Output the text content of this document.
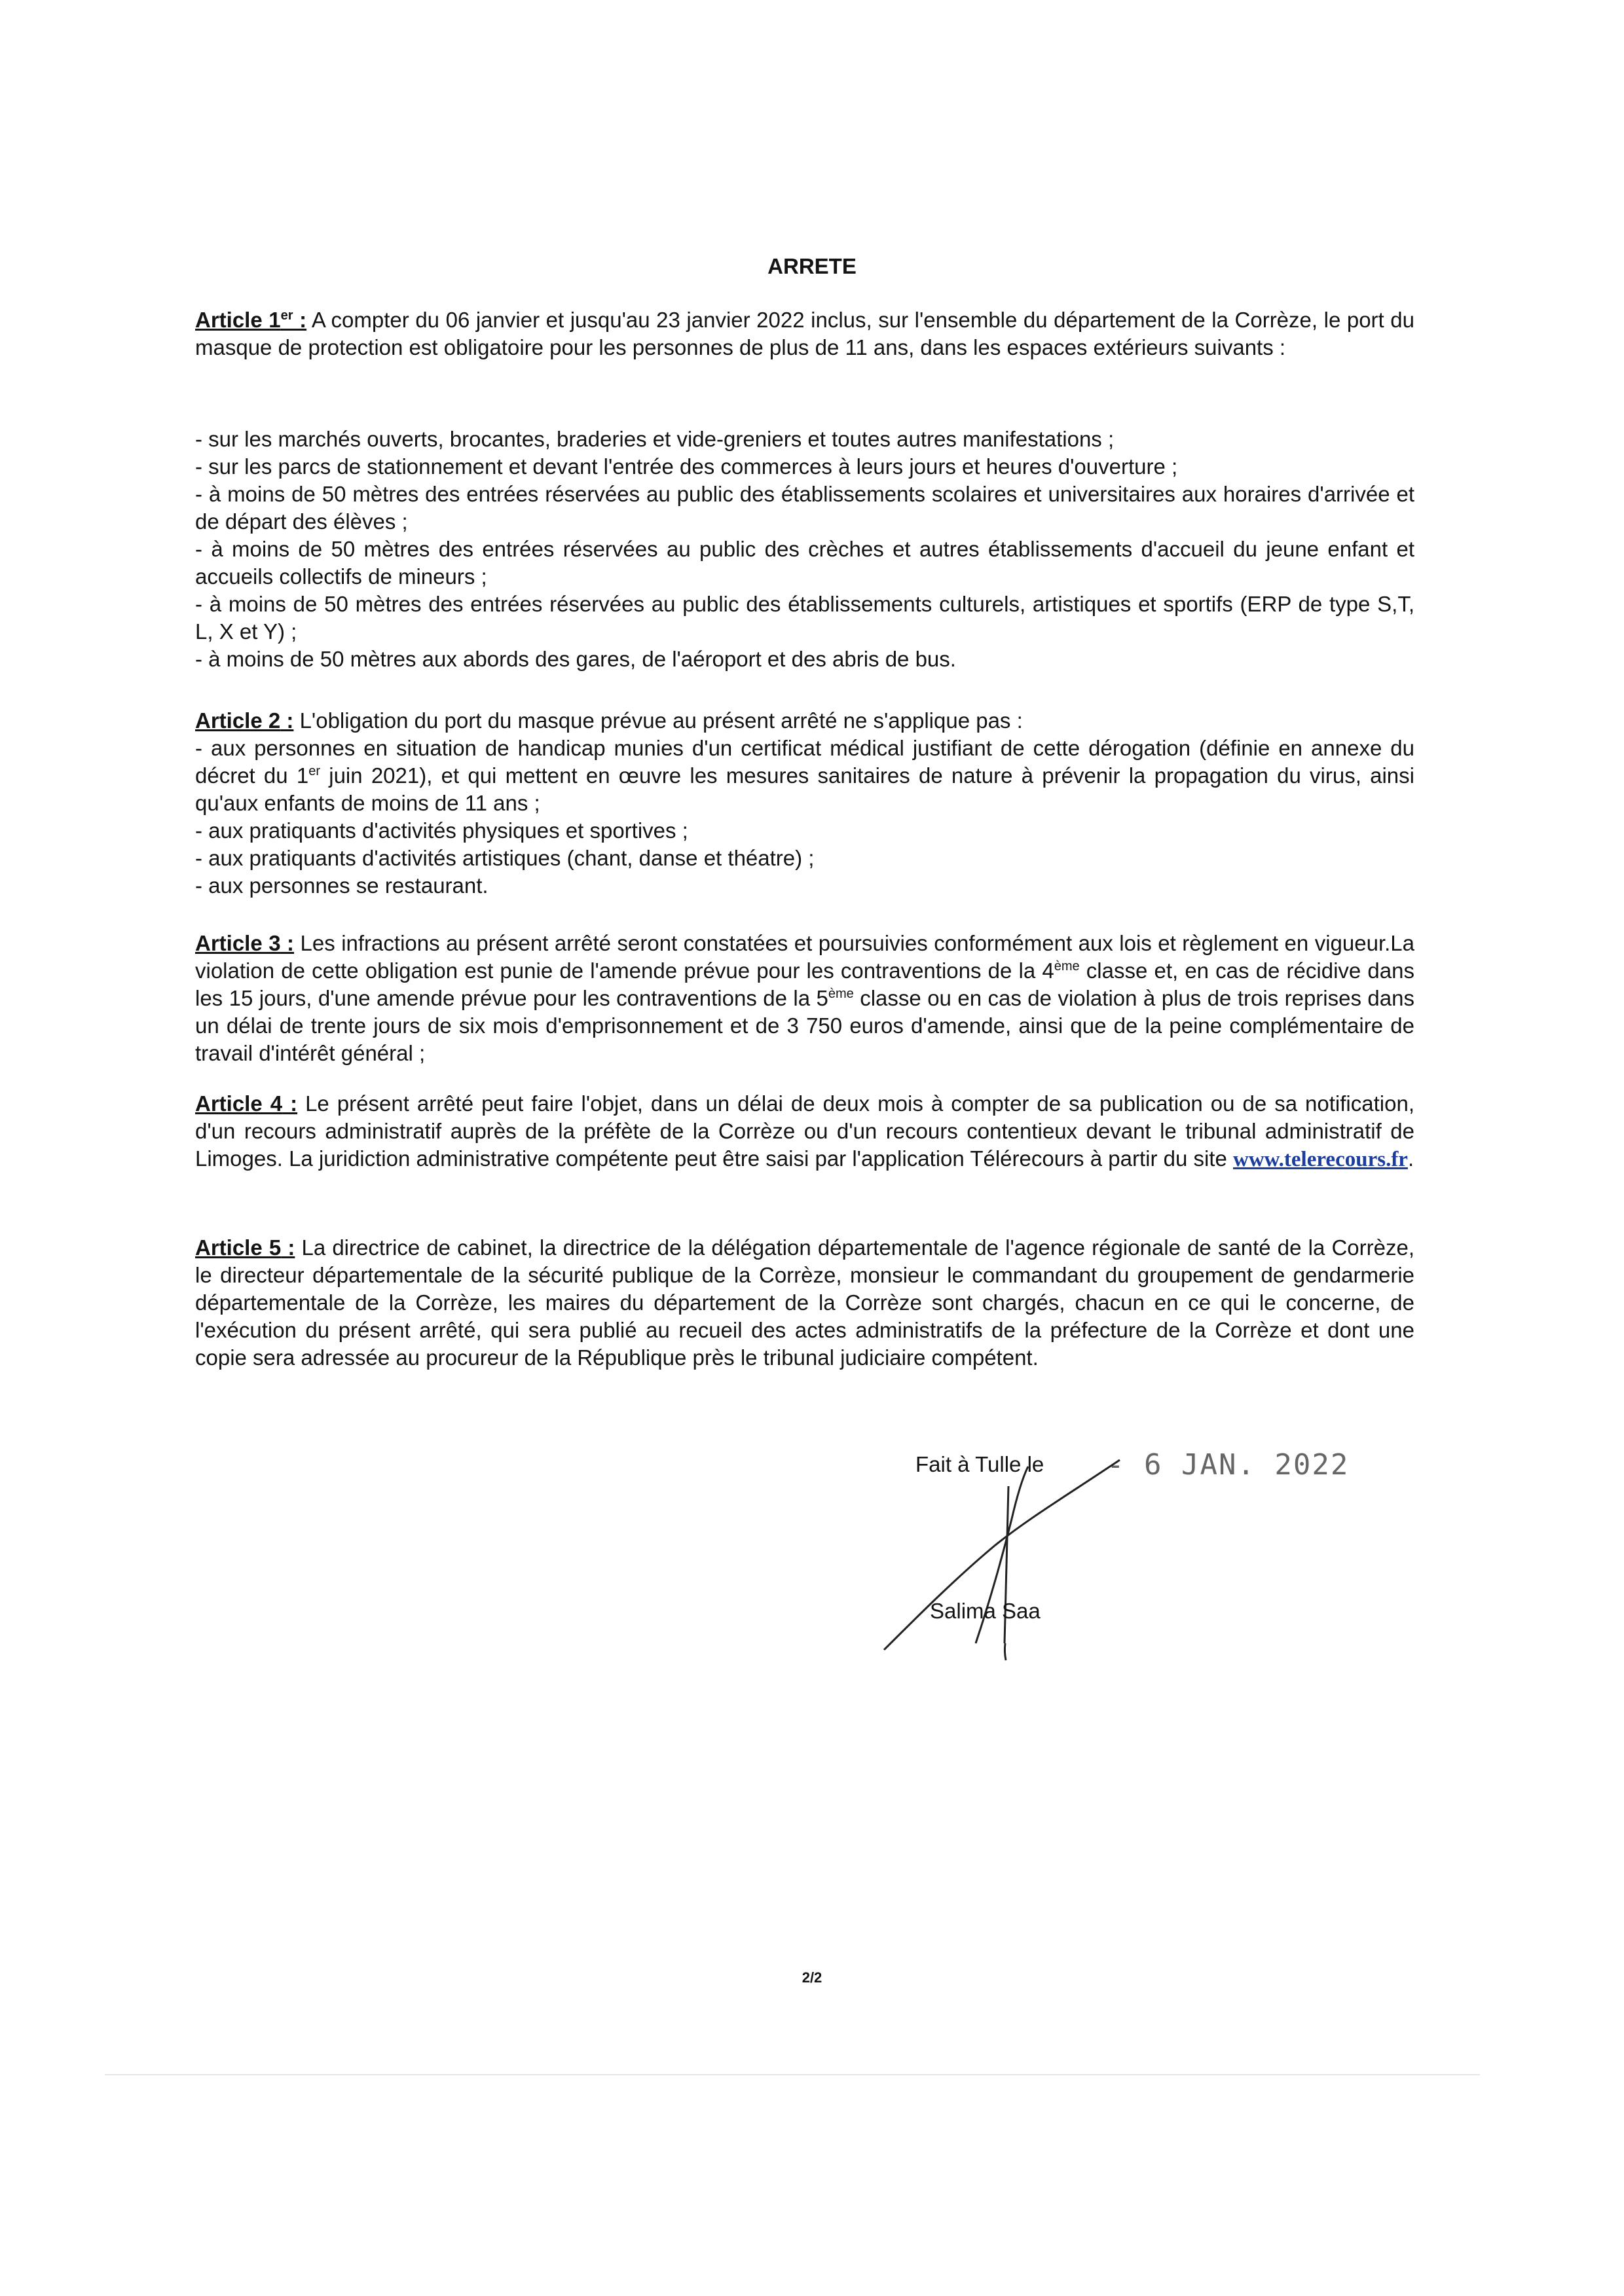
ARRETE

Article 1er : A compter du 06 janvier et jusqu'au 23 janvier 2022 inclus, sur l'ensemble du département de la Corrèze, le port du masque de protection est obligatoire pour les personnes de plus de 11 ans, dans les espaces extérieurs suivants :

- sur les marchés ouverts, brocantes, braderies et vide-greniers et toutes autres manifestations ;

- sur les parcs de stationnement et devant l'entrée des commerces à leurs jours et heures d'ouverture ;

- à moins de 50 mètres des entrées réservées au public des établissements scolaires et universitaires aux horaires d'arrivée et de départ des élèves ;

- à moins de 50 mètres des entrées réservées au public des crèches et autres établissements d'accueil du jeune enfant et accueils collectifs de mineurs ;

- à moins de 50 mètres des entrées réservées au public des établissements culturels, artistiques et sportifs (ERP de type S,T, L, X et Y) ;

- à moins de 50 mètres aux abords des gares, de l'aéroport et des abris de bus.

Article 2 : L'obligation du port du masque prévue au présent arrêté ne s'applique pas :

- aux personnes en situation de handicap munies d'un certificat médical justifiant de cette dérogation (définie en annexe du décret du 1er juin 2021), et qui mettent en œuvre les mesures sanitaires de nature à prévenir la propagation du virus, ainsi qu'aux enfants de moins de 11 ans ;

- aux pratiquants d'activités physiques et sportives ;

- aux pratiquants d'activités artistiques (chant, danse et théatre) ;

- aux personnes se restaurant.

Article 3 : Les infractions au présent arrêté seront constatées et poursuivies conformément aux lois et règlement en vigueur.La violation de cette obligation est punie de l'amende prévue pour les contraventions de la 4ème classe et, en cas de récidive dans les 15 jours, d'une amende prévue pour les contraventions de la 5ème classe ou en cas de violation à plus de trois reprises dans un délai de trente jours de six mois d'emprisonnement et de 3 750 euros d'amende, ainsi que de la peine complémentaire de travail d'intérêt général ;

Article 4 : Le présent arrêté peut faire l'objet, dans un délai de deux mois à compter de sa publication ou de sa notification, d'un recours administratif auprès de la préfète de la Corrèze ou d'un recours contentieux devant le tribunal administratif de Limoges. La juridiction administrative compétente peut être saisi par l'application Télérecours à partir du site www.telerecours.fr.

Article 5 : La directrice de cabinet, la directrice de la délégation départementale de l'agence régionale de santé de la Corrèze, le directeur départementale de la sécurité publique de la Corrèze, monsieur le commandant du groupement de gendarmerie départementale de la Corrèze, les maires du département de la Corrèze sont chargés, chacun en ce qui le concerne, de l'exécution du présent arrêté, qui sera publié au recueil des actes administratifs de la préfecture de la Corrèze et dont une copie sera adressée au procureur de la République près le tribunal judiciaire compétent.

Fait à Tulle le - 6 JAN. 2022
Salima Saa
2/2
